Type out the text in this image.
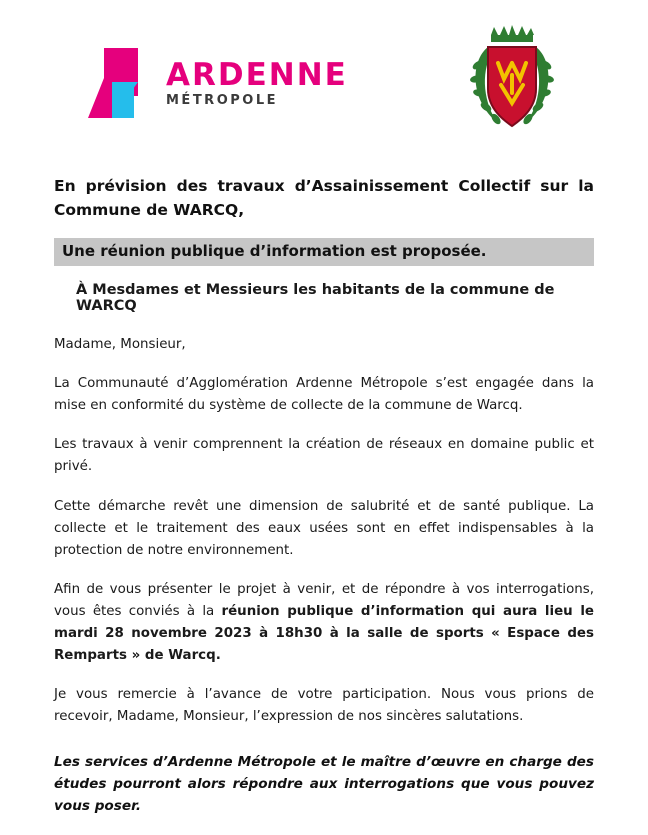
ARDENNE
MÉTROPOLE
En prévision des travaux d’Assainissement Collectif sur la Commune de WARCQ,
Une réunion publique d’information est proposée.
À Mesdames et Messieurs les habitants de la commune de WARCQ

Madame, Monsieur,

La Communauté d’Agglomération Ardenne Métropole s’est engagée dans la mise en conformité du système de collecte de la commune de Warcq.

Les travaux à venir comprennent la création de réseaux en domaine public et privé.

Cette démarche revêt une dimension de salubrité et de santé publique. La collecte et le traitement des eaux usées sont en effet indispensables à la protection de notre environnement.

Afin de vous présenter le projet à venir, et de répondre à vos interrogations, vous êtes conviés à la réunion publique d’information qui aura lieu le mardi 28 novembre 2023 à 18h30 à la salle de sports « Espace des Remparts » de Warcq.

Je vous remercie à l’avance de votre participation. Nous vous prions de recevoir, Madame, Monsieur, l’expression de nos sincères salutations.

Les services d’Ardenne Métropole et le maître d’œuvre en charge des études pourront alors répondre aux interrogations que vous pouvez vous poser.
